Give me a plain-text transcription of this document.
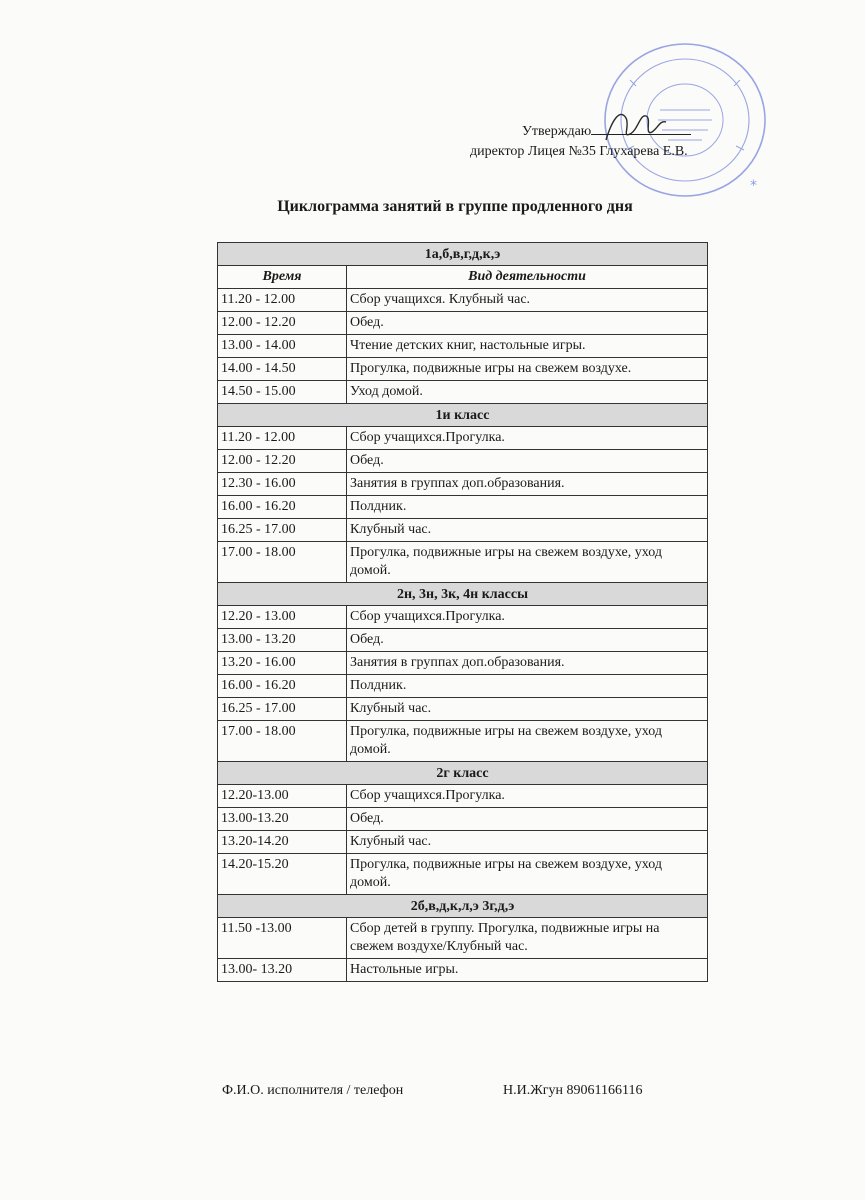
*
Утверждаю
директор Лицея №35 Глухарева Е.В.
Циклограмма занятий в группе продленного дня
1а,б,в,г,д,к,э	
Время	Вид деятельности
11.20 - 12.00	Сбор учащихся. Клубный час.
12.00 - 12.20	Обед.
13.00 - 14.00	Чтение детских книг, настольные игры.
14.00 - 14.50	Прогулка, подвижные игры на свежем воздухе.
14.50 - 15.00	Уход домой.
1и класс	
11.20 - 12.00	Сбор учащихся.Прогулка.
12.00 - 12.20	Обед.
12.30 - 16.00	Занятия в группах доп.образования.
16.00 - 16.20	Полдник.
16.25 - 17.00	Клубный час.
17.00 - 18.00	Прогулка, подвижные игры на свежем воздухе, уход домой.
2н, 3н, 3к, 4н классы	
12.20 - 13.00	Сбор учащихся.Прогулка.
13.00 - 13.20	Обед.
13.20 - 16.00	Занятия в группах доп.образования.
16.00 - 16.20	Полдник.
16.25 - 17.00	Клубный час.
17.00 - 18.00	Прогулка, подвижные игры на свежем воздухе, уход домой.
2г класс	
12.20-13.00	Сбор учащихся.Прогулка.
13.00-13.20	Обед.
13.20-14.20	Клубный час.
14.20-15.20	Прогулка, подвижные игры на свежем воздухе, уход домой.
2б,в,д,к,л,э 3г,д,э	
11.50 -13.00	Сбор детей в группу. Прогулка, подвижные игры на свежем воздухе/Клубный час.
13.00- 13.20	Настольные игры.
Ф.И.О. исполнителя / телефон	Н.И.Жгун 89061166116
